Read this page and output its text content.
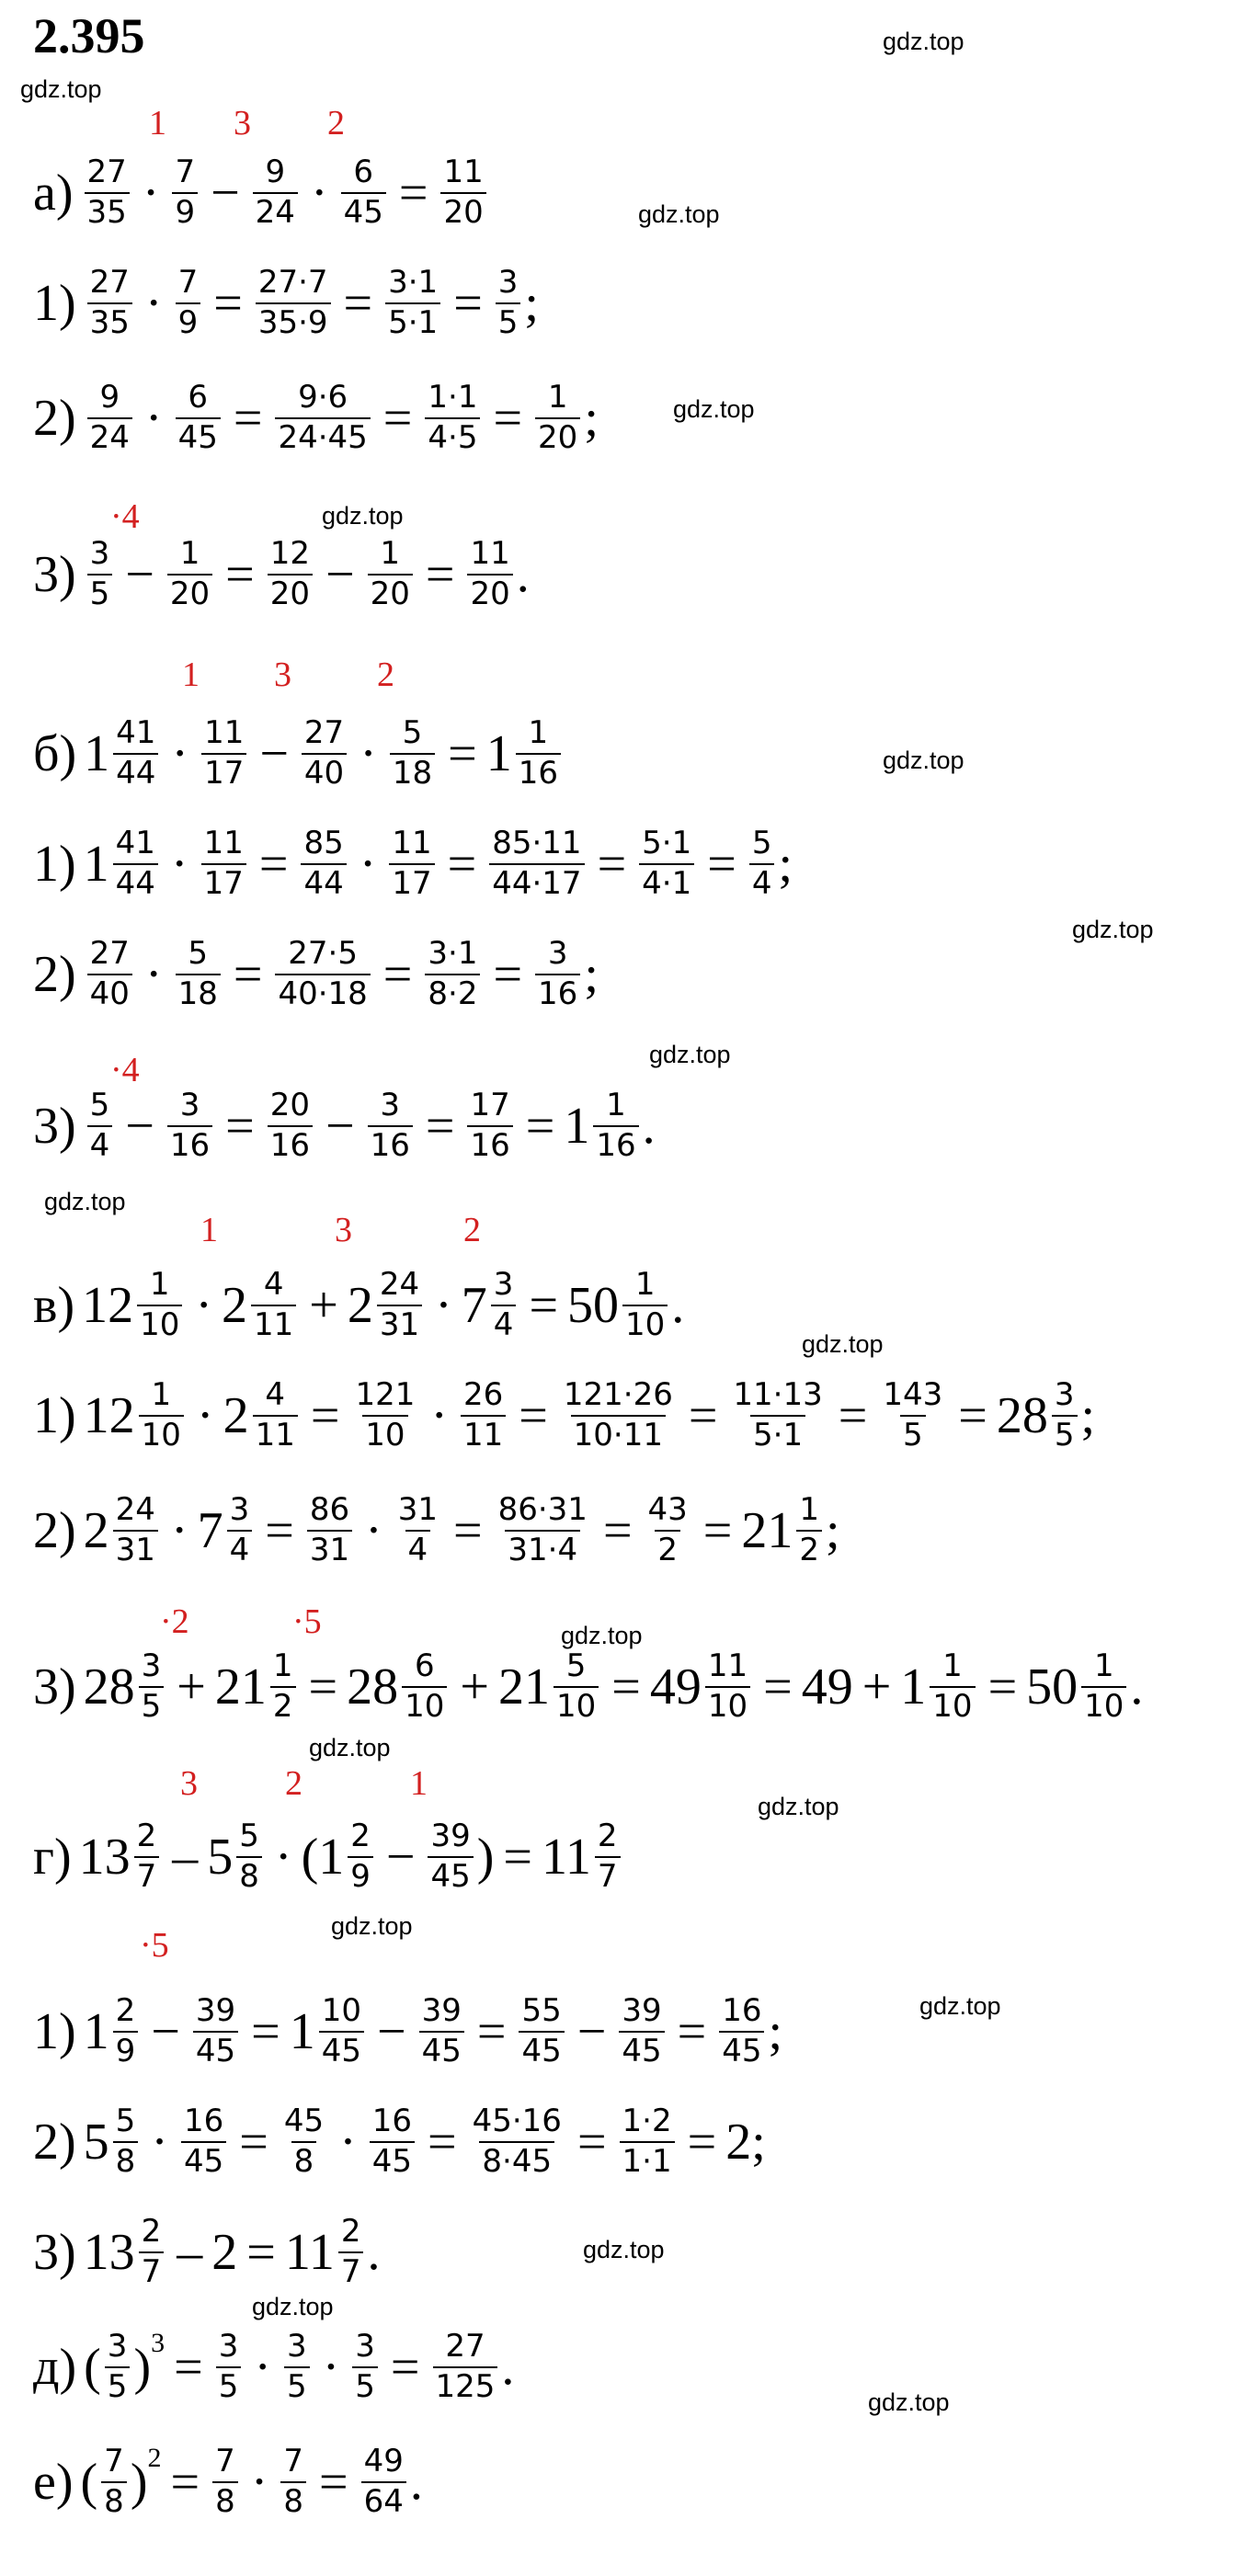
2.395	gdz.top
gdz.top
gdz.top
gdz.top
gdz.top
gdz.top
gdz.top
gdz.top
gdz.top
gdz.top
gdz.top
gdz.top
gdz.top
gdz.top
gdz.top
gdz.top
gdz.top
gdz.top
1 3 2
·4
1 3 2
·4
1	3	2
·2	·5
3	2	1
·5
$а) \frac{27}{35} \cdot \frac{7}{9} - \frac{9}{24} \cdot \frac{6}{45} = \frac{11}{20}$
$1) \frac{27}{35} \cdot \frac{7}{9} = \frac{27\cdot 7}{35\cdot 9} = \frac{3\cdot 1}{5\cdot 1} = \frac{3}{5}$ ;
$2) \frac{9}{24} \cdot \frac{6}{45} = \frac{9\cdot 6}{24\cdot 45} = \frac{1\cdot 1}{4\cdot 5} = \frac{1}{20}$ ;
$3) \frac{3}{5} - \frac{1}{20} = \frac{12}{20} - \frac{1}{20} = \frac{11}{20}$ .
б) $1 \frac{41}{44} \cdot \frac{11}{17} - \frac{27}{40} \cdot \frac{5}{18} = 1 \frac{1}{16}$
1) $1 \frac{41}{44} \cdot \frac{11}{17} = \frac{85}{44} \cdot \frac{11}{17} = \frac{85\cdot 11}{44\cdot 17} = \frac{5\cdot 1}{4\cdot 1} = \frac{5}{4}$ ;
$2) \frac{27}{40} \cdot \frac{5}{18} = \frac{27\cdot 5}{40\cdot 18} = \frac{3\cdot 1}{8\cdot 2} = \frac{3}{16}$ ;
$3) \frac{5}{4} - \frac{3}{16} = \frac{20}{16} - \frac{3}{16} = \frac{17}{16} = 1 \frac{1}{16}$ .
в) $12 \frac{1}{10} \cdot 2 \frac{4}{11} + 2 \frac{24}{31} \cdot 7 \frac{3}{4} = 50 \frac{1}{10}$ .
1) $12 \frac{1}{10} \cdot 2 \frac{4}{11} = \frac{121}{10} \cdot \frac{26}{11} = \frac{121\cdot 26}{10\cdot 11} = \frac{11\cdot 13}{5\cdot 1} = \frac{143}{5} = 28 \frac{3}{5}$ ;
2) $2 \frac{24}{31} \cdot 7 \frac{3}{4} = \frac{86}{31} \cdot \frac{31}{4} = \frac{86\cdot 31}{31\cdot 4} = \frac{43}{2} = 21 \frac{1}{2}$ ;
3) $28 \frac{3}{5} + 21 \frac{1}{2} = 28 \frac{6}{10} + 21 \frac{5}{10} = 49 \frac{11}{10} = 49 + 1 \frac{1}{10} = 50 \frac{1}{10}$ .
г) $13 \frac{2}{7} - 5 \frac{5}{8} \cdot (1 \frac{2}{9} - \frac{39}{45}$ ) = $11 \frac{2}{7}$
1) $1 \frac{2}{9} - \frac{39}{45} = 1 \frac{10}{45} - \frac{39}{45} = \frac{55}{45} - \frac{39}{45} = \frac{16}{45}$ ;
2) $5 \frac{5}{8} \cdot \frac{16}{45} = \frac{45}{8} \cdot \frac{16}{45} = \frac{45\cdot 16}{8\cdot 45} = \frac{1\cdot 2}{1\cdot 1} = 2$;
3) $13 \frac{2}{7} - 2 = 11 \frac{2}{7}$ .
д) ( $\frac{3}{5}$ ) $3 = \frac{3}{5} \cdot \frac{3}{5} \cdot \frac{3}{5} = \frac{27}{125}$ .
е) ( $\frac{7}{8}$ ) $2 = \frac{7}{8} \cdot \frac{7}{8} = \frac{49}{64}$ .
